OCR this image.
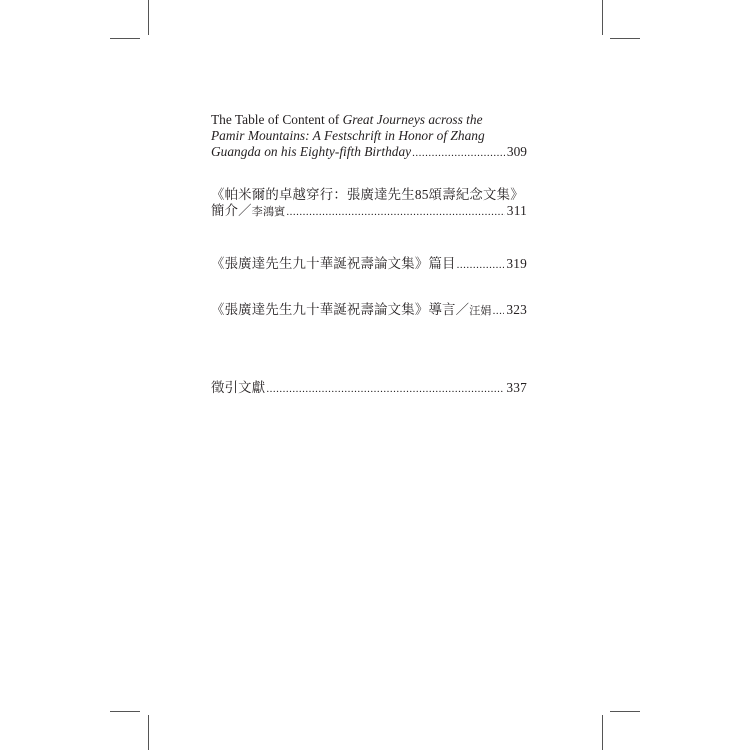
The Table of Content of Great Journeys across the
Pamir Mountains: A Festschrift in Honor of Zhang
Guangda on his Eighty-fifth Birthday .....	309
《帕米爾的卓越穿行：張廣達先生85頌壽紀念文集》
簡介／ 李鴻賓 .....	311
《張廣達先生九十華誕祝壽論文集》篇目 .....	319
《張廣達先生九十華誕祝壽論文集》導言／ 汪娟 ..... 323
徵引文獻 .....	337
